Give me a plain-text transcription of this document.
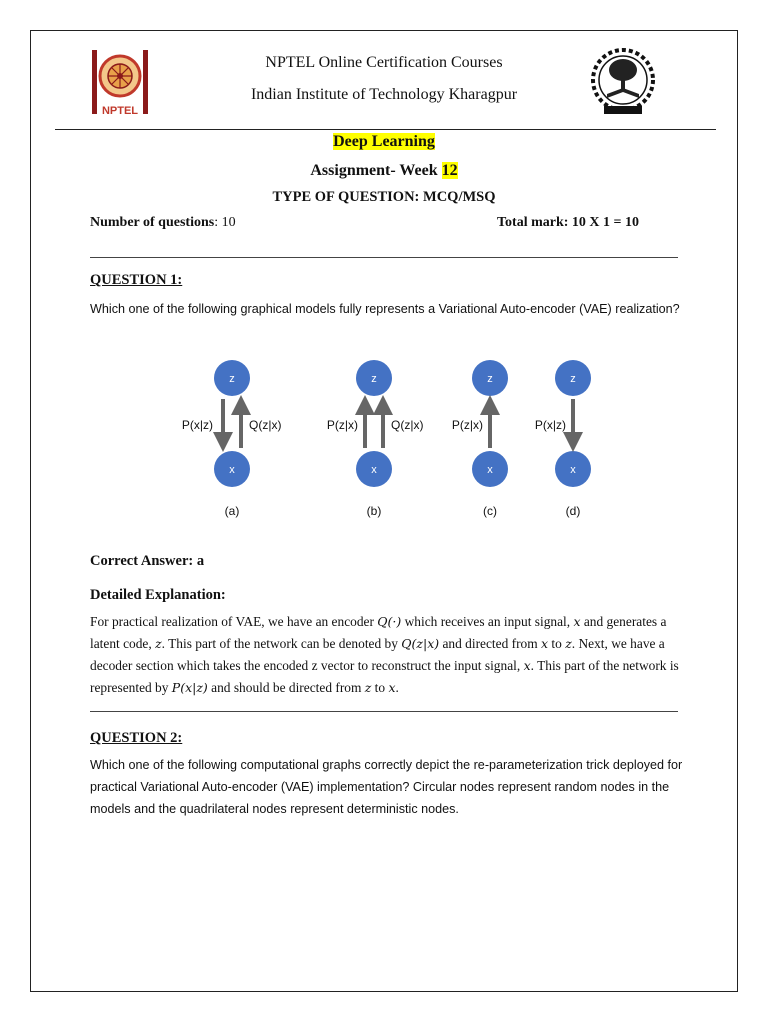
NPTEL
NPTEL Online Certification Courses
Indian Institute of Technology Kharagpur
Deep Learning
Assignment- Week 12
TYPE OF QUESTION: MCQ/MSQ
Number of questions: 10	Total mark: 10 X 1 = 10
QUESTION 1:
Which one of the following graphical models fully represents a Variational Auto-encoder (VAE) realization?
z
x
P(x|z)	Q(z|x)
(a)
z
x
P(z|x)	Q(z|x)
(b)
z
x
P(z|x)
(c)
z
x
P(x|z)
(d)
Correct Answer: a
Detailed Explanation:
For practical realization of VAE, we have an encoder Q(·) which receives an input signal, x and generates a latent code, z. This part of the network can be denoted by Q(z|x) and directed from x to z. Next, we have a decoder section which takes the encoded z vector to reconstruct the input signal, x. This part of the network is represented by P(x|z) and should be directed from z to x.
QUESTION 2:
Which one of the following computational graphs correctly depict the re-parameterization trick deployed for practical Variational Auto-encoder (VAE) implementation? Circular nodes represent random nodes in the models and the quadrilateral nodes represent deterministic nodes.
